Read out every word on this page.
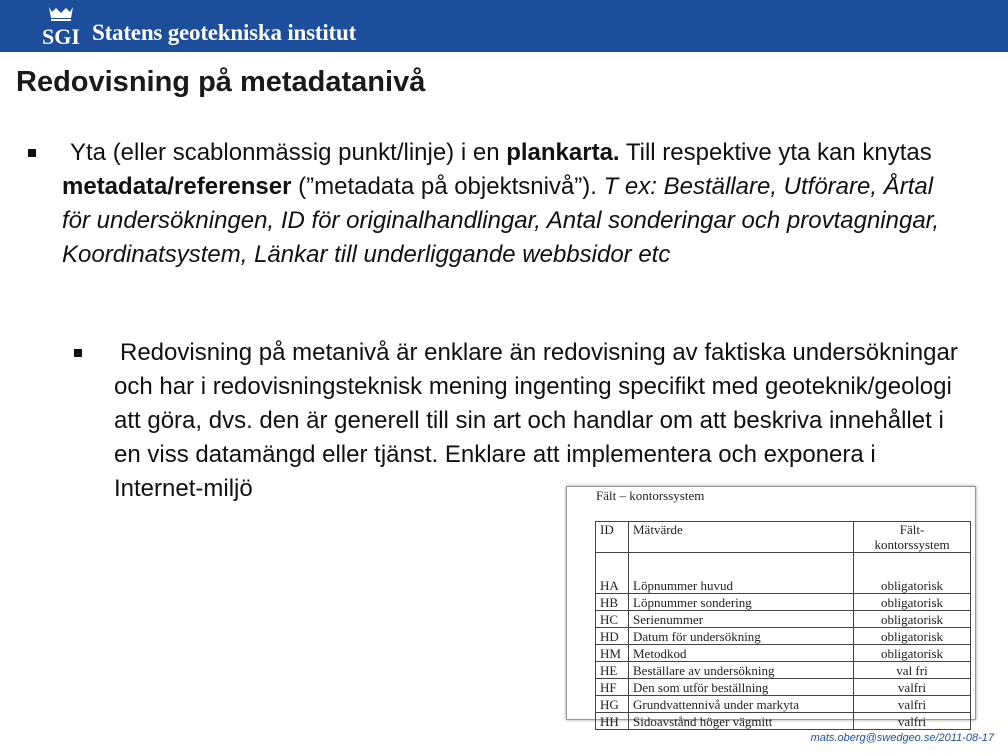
SGI Statens geotekniska institut
Redovisning på metadatanivå
Yta (eller scablonmässig punkt/linje) i en plankarta. Till respektive yta kan knytas metadata/referenser (”metadata på objektsnivå”). T ex: Beställare, Utförare, Årtal för undersökningen, ID för originalhandlingar, Antal sonderingar och provtagningar, Koordinatsystem, Länkar till underliggande webbsidor etc
Redovisning på metanivå är enklare än redovisning av faktiska undersökningar och har i redovisningsteknisk mening ingenting specifikt med geoteknik/geologi att göra, dvs. den är generell till sin art och handlar om att beskriva innehållet i en viss datamängd eller tjänst. Enklare att implementera och exponera i Internet-miljö	Fält – kontorssystem
ID	Mätvärde	Fält-
kontorssystem
HA	Löpnummer huvud	obligatorisk
HB	Löpnummer sondering	obligatorisk
HC	Serienummer	obligatorisk
HD	Datum för undersökning	obligatorisk
HM	Metodkod	obligatorisk
HE	Beställare av undersökning	val fri
HF	Den som utför beställning	valfri
HG	Grundvattennivå under markyta	valfri
HH	Sidoavstånd höger vägmitt	valfri
mats.oberg@swedgeo.se/2011-08-17
